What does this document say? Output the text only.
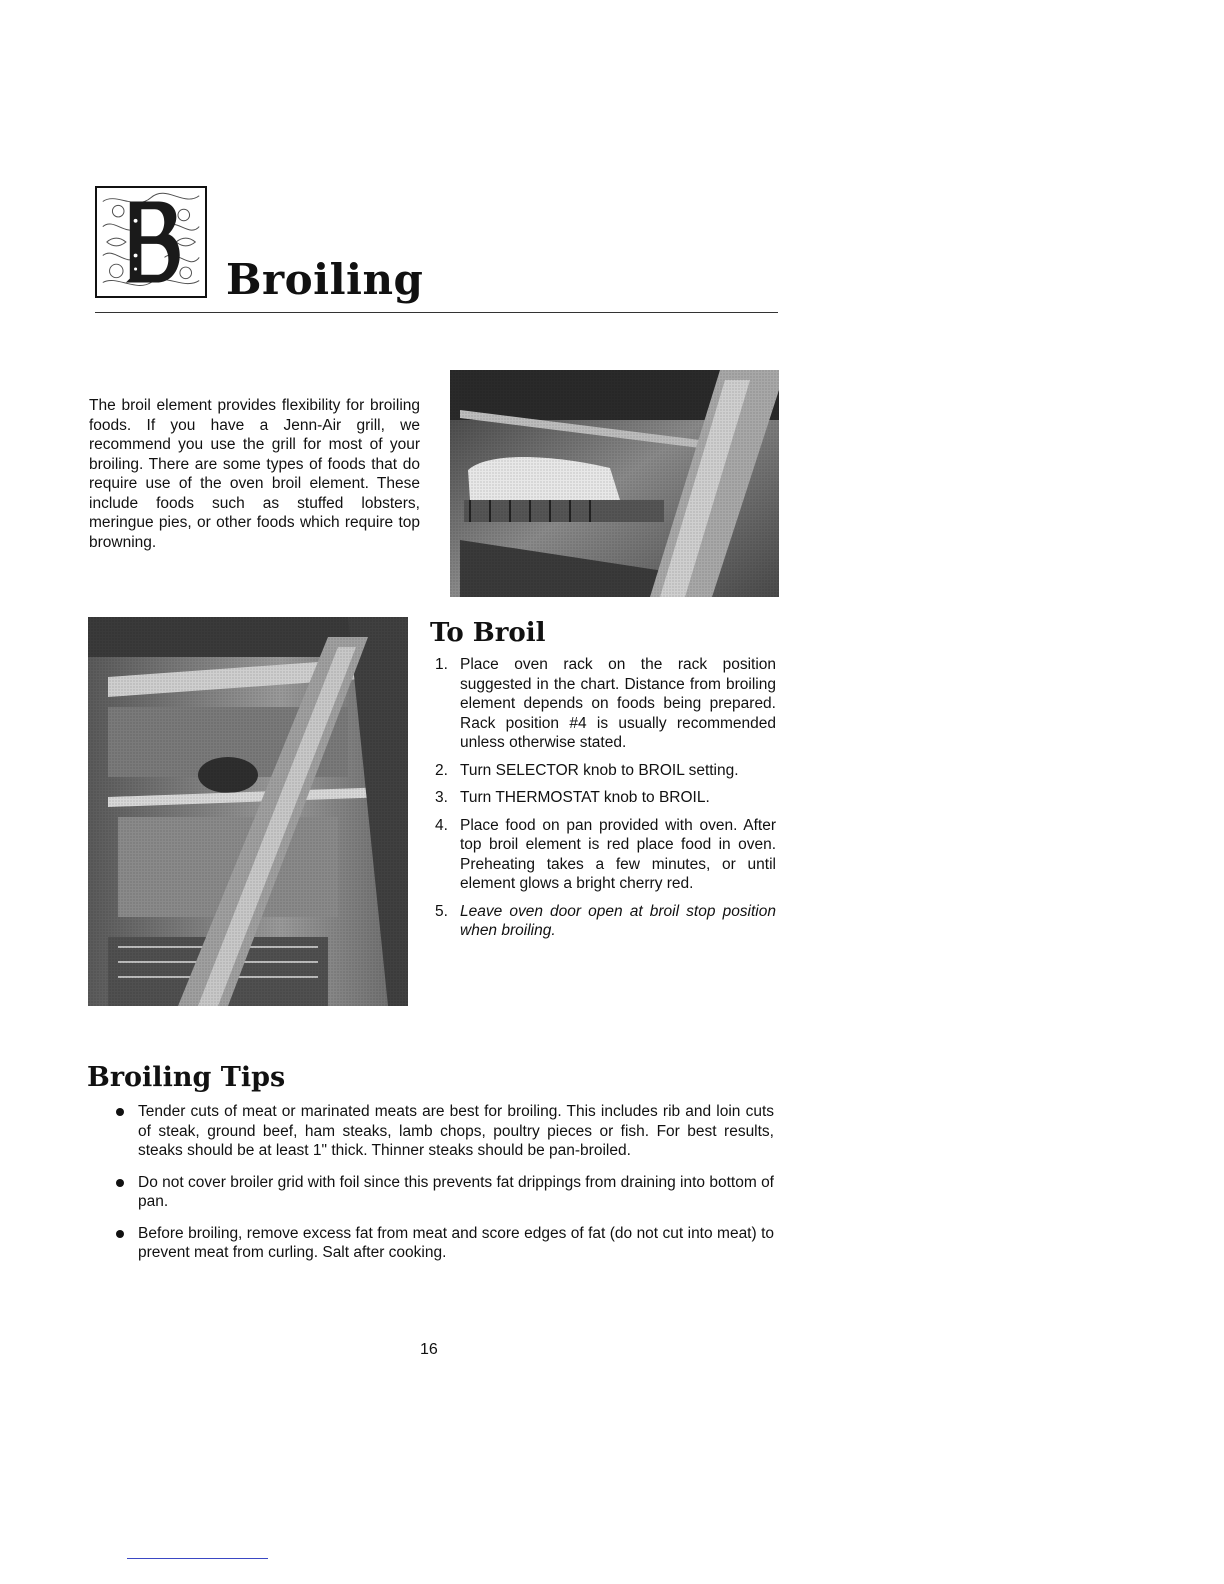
Broiling

The broil element provides flexibility for broiling foods. If you have a Jenn-Air grill, we recommend you use the grill for most of your broiling. There are some types of foods that do require use of the oven broil element. These include foods such as stuffed lobsters, meringue pies, or other foods which require top browning.

To Broil
1. Place oven rack on the rack position suggested in the chart. Distance from broiling element depends on foods being prepared. Rack position #4 is usually recommended unless otherwise stated.
2. Turn SELECTOR knob to BROIL setting.
3. Turn THERMOSTAT knob to BROIL.
4. Place food on pan provided with oven. After top broil element is red place food in oven. Preheating takes a few minutes, or until element glows a bright cherry red.
5. Leave oven door open at broil stop position when broiling.
Broiling Tips
Tender cuts of meat or marinated meats are best for broiling. This includes rib and loin cuts of steak, ground beef, ham steaks, lamb chops, poultry pieces or fish. For best results, steaks should be at least 1" thick. Thinner steaks should be pan-broiled.
Do not cover broiler grid with foil since this prevents fat drippings from draining into bottom of pan.
Before broiling, remove excess fat from meat and score edges of fat (do not cut into meat) to prevent meat from curling. Salt after cooking.
16
